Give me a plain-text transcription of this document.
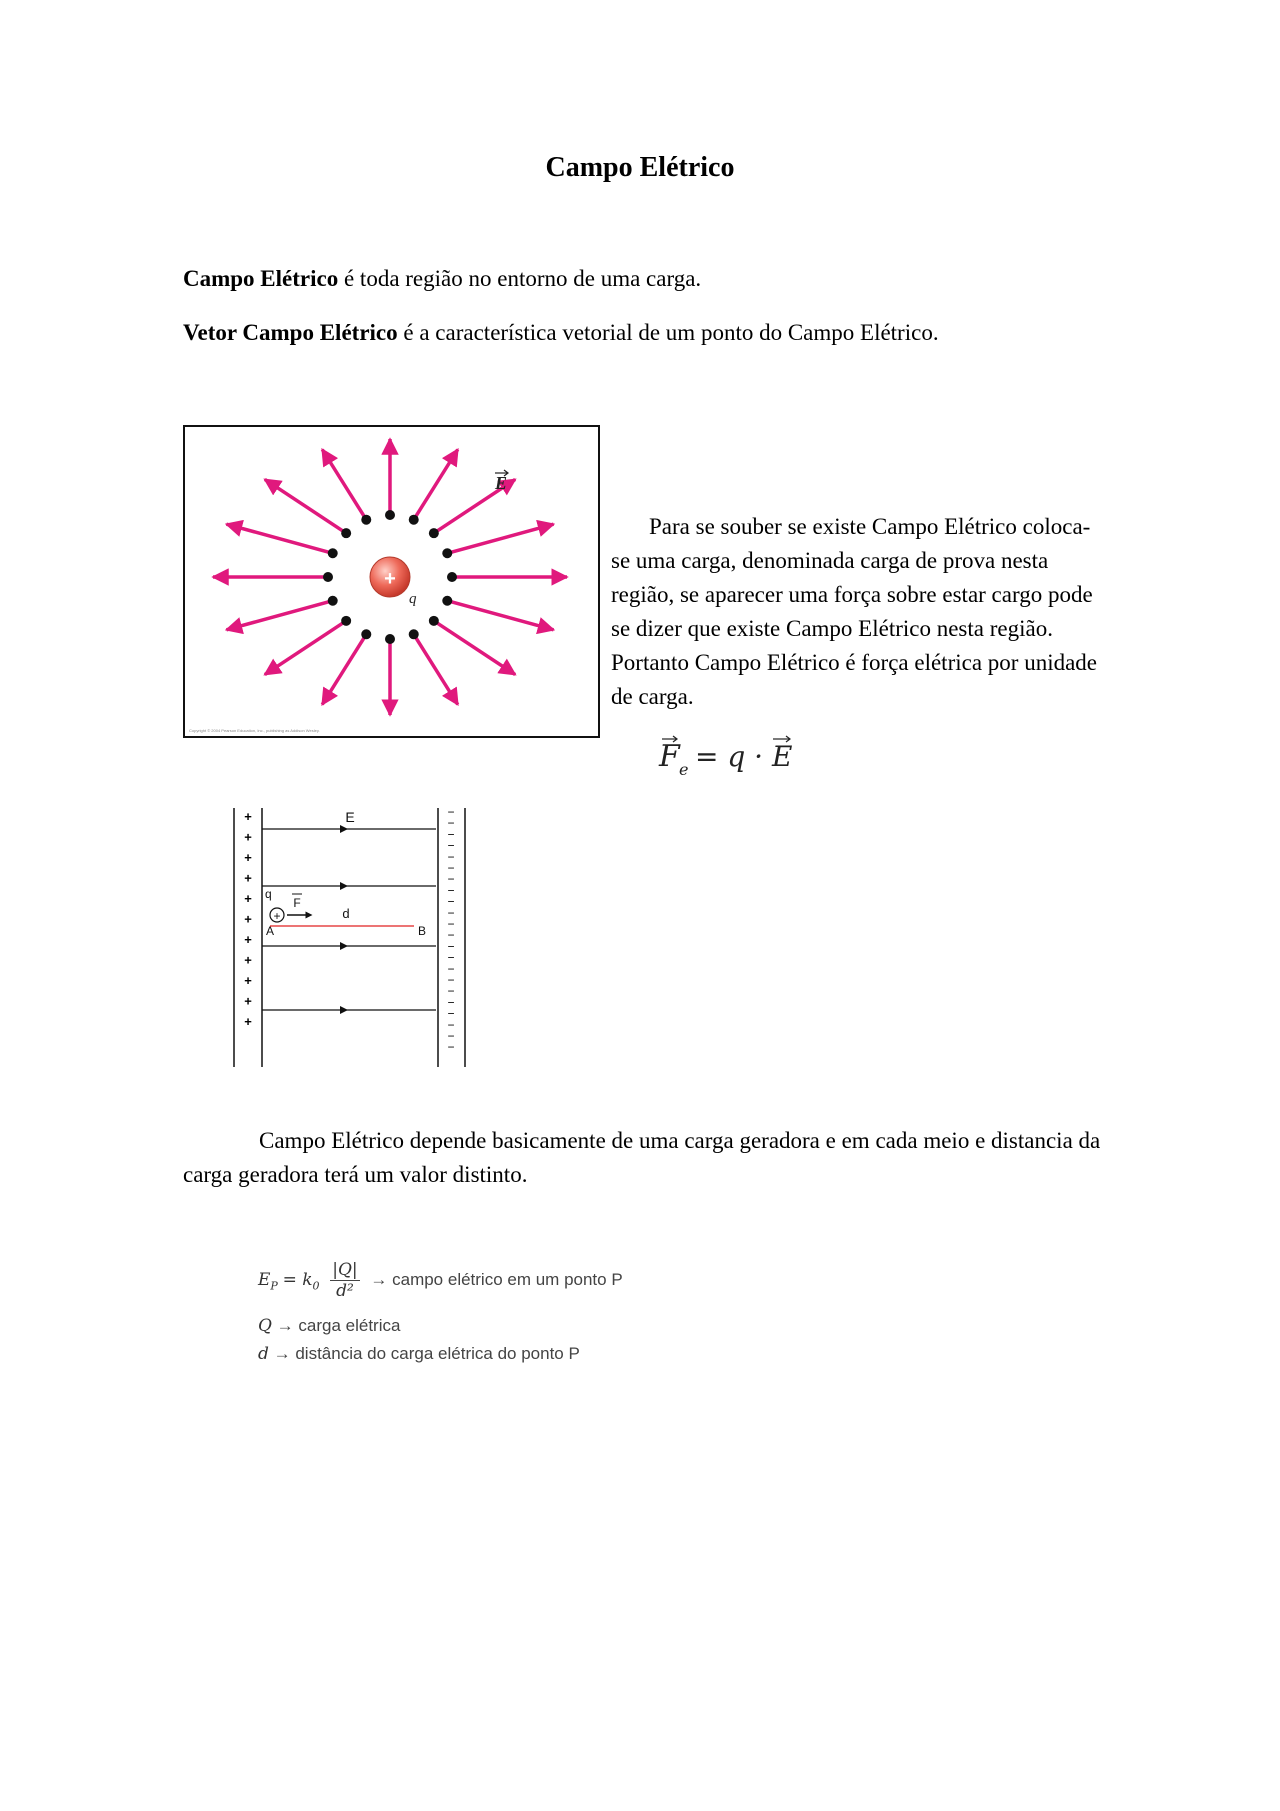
Campo Elétrico
Campo Elétrico é toda região no entorno de uma carga.
Vetor Campo Elétrico é a característica vetorial de um ponto do Campo Elétrico.
+
q
E
Copyright © 2004 Pearson Education, Inc., publishing as Addison Wesley.
Para se souber se existe Campo Elétrico coloca-se uma carga, denominada carga de prova nesta região, se aparecer uma força sobre estar cargo pode se dizer que existe Campo Elétrico nesta região. Portanto Campo Elétrico é força elétrica por unidade de carga.
F e = q · E
+
+
+
+
+
+
+
+
+
+
+
−
−
−
−
−
−
−
−
−
−
−
−
−
−
−
−
−
−
−
−
−
−
E
q
+
F
d
A	B
Campo Elétrico depende basicamente de uma carga geradora e em cada meio e distancia da carga geradora terá um valor distinto.
$E_P = k_0 \frac{|Q|}{\text{d²}}$ → campo elétrico em um ponto P
Q → carga elétrica
d → distância do carga elétrica do ponto P
